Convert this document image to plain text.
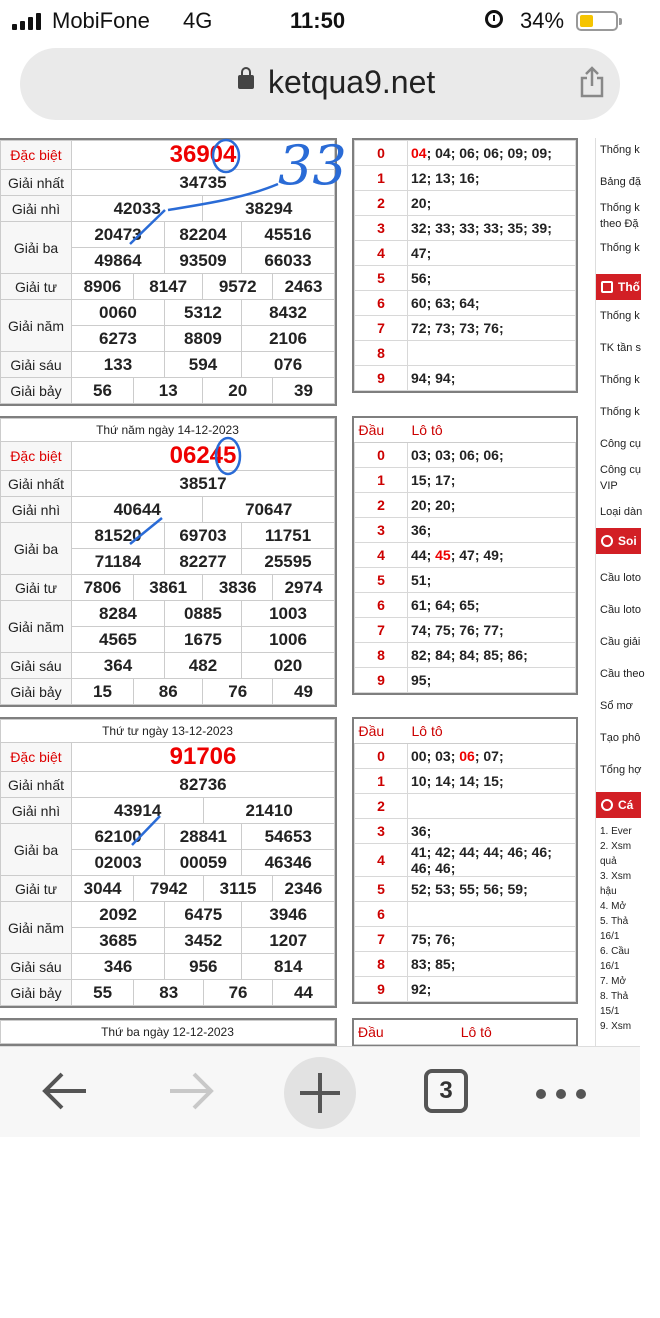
MobiFone 4G	11:50	34%
ketqua9.net
Đặc biệt	36904					
Giải nhất	34735					
Giải nhì	42033			38294		
Giải ba	20473		82204		45516	
	49864		93509		66033	
Giải tư	8906	8147		9572		2463
Giải năm	0060		5312		8432	
	6273		8809		2106	
Giải sáu	133		594		076	
Giải bảy	56	13		20		39
0	04; 04; 06; 06; 09; 09;
1	12; 13; 16;
2	20;
3	32; 33; 33; 33; 35; 39;
4	47;
5	56;
6	60; 63; 64;
7	72; 73; 73; 76;
8	
9	94; 94;
Thứ năm ngày 14-12-2023						
Đặc biệt	06245					
Giải nhất	38517					
Giải nhì	40644			70647		
Giải ba	81520		69703		11751	
	71184		82277		25595	
Giải tư	7806	3861		3836		2974
Giải năm	8284		0885		1003	
	4565		1675		1006	
Giải sáu	364		482		020	
Giải bảy	15	86		76		49
Đầu	Lô tô
0	03; 03; 06; 06;
1	15; 17;
2	20; 20;
3	36;
4	44; 45; 47; 49;
5	51;
6	61; 64; 65;
7	74; 75; 76; 77;
8	82; 84; 84; 85; 86;
9	95;
Thứ tư ngày 13-12-2023						
Đặc biệt	91706					
Giải nhất	82736					
Giải nhì	43914			21410		
Giải ba	62100		28841		54653	
	02003		00059		46346	
Giải tư	3044	7942		3115		2346
Giải năm	2092		6475		3946	
	3685		3452		1207	
Giải sáu	346		956		814	
Giải bảy	55	83		76		44
Đầu	Lô tô
0	00; 03; 06; 07;
1	10; 14; 14; 15;
2	
3	36;
4	41; 42; 44; 44; 46; 46; 46; 46;
5	52; 53; 55; 56; 59;
6	
7	75; 76;
8	83; 85;
9	92;
Thứ ba ngày 12-12-2023	Đầu	Lô tô
Thống k
Bảng đặ
Thống k
theo Đặ
Thống k
Thố
Thống k
TK tần s
Thống k
Thống k
Công cụ
Công cụ
VIP
Loại dàn
Soi
Cầu loto
Cầu loto
Cầu giải
Cầu theo
Sổ mơ
Tạo phô
Tổng hợ
Cá
1. Ever
2. Xsm
quả
3. Xsm
hậu
4. Mở
5. Thả
16/1
6. Cầu
16/1
7. Mở
8. Thả
15/1
9. Xsm
33
3
